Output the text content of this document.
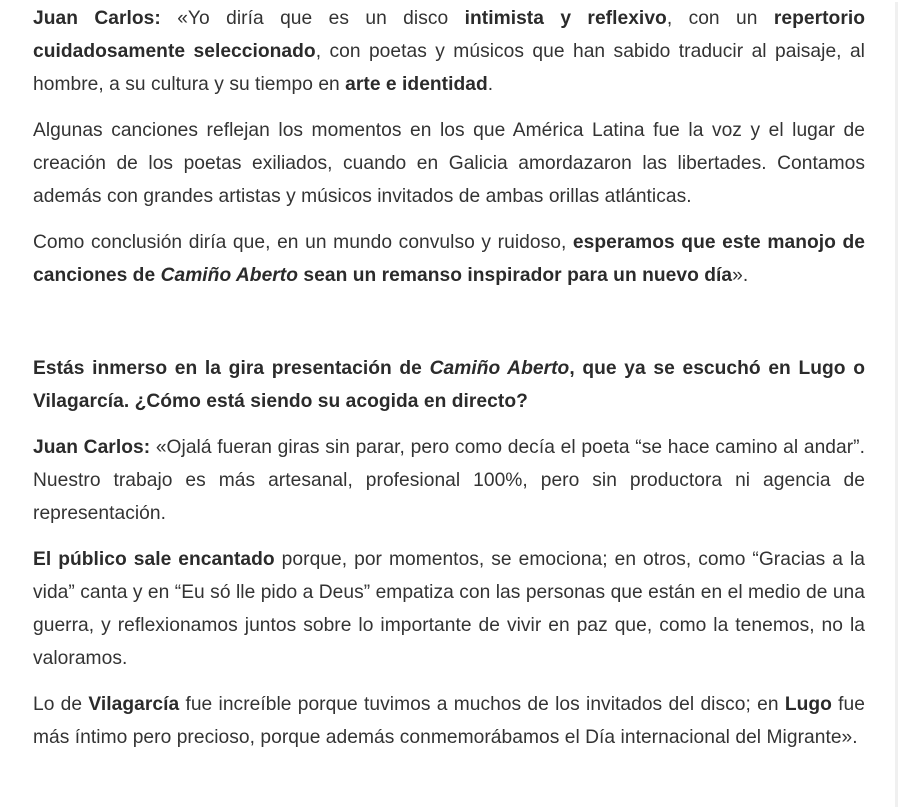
Juan Carlos: «Yo diría que es un disco intimista y reflexivo, con un repertorio cuidadosamente seleccionado, con poetas y músicos que han sabido traducir al paisaje, al hombre, a su cultura y su tiempo en arte e identidad.

Algunas canciones reflejan los momentos en los que América Latina fue la voz y el lugar de creación de los poetas exiliados, cuando en Galicia amordazaron las libertades. Contamos además con grandes artistas y músicos invitados de ambas orillas atlánticas.

Como conclusión diría que, en un mundo convulso y ruidoso, esperamos que este manojo de canciones de Camiño Aberto sean un remanso inspirador para un nuevo día».

Estás inmerso en la gira presentación de Camiño Aberto, que ya se escuchó en Lugo o Vilagarcía. ¿Cómo está siendo su acogida en directo?

Juan Carlos: «Ojalá fueran giras sin parar, pero como decía el poeta “se hace camino al andar”. Nuestro trabajo es más artesanal, profesional 100%, pero sin productora ni agencia de representación.

El público sale encantado porque, por momentos, se emociona; en otros, como “Gracias a la vida” canta y en “Eu só lle pido a Deus” empatiza con las personas que están en el medio de una guerra, y reflexionamos juntos sobre lo importante de vivir en paz que, como la tenemos, no la valoramos.

Lo de Vilagarcía fue increíble porque tuvimos a muchos de los invitados del disco; en Lugo fue más íntimo pero precioso, porque además conmemorábamos el Día internacional del Migrante».
